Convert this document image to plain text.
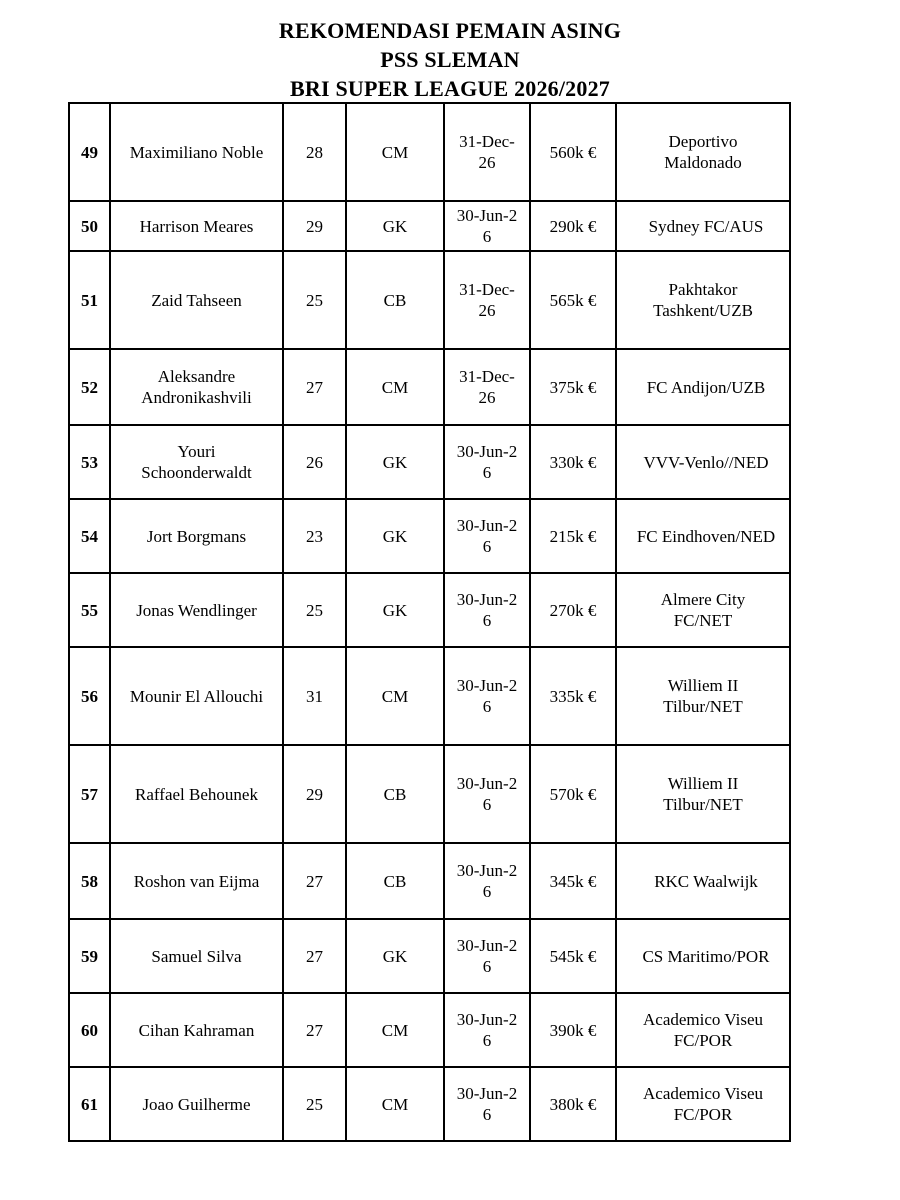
REKOMENDASI PEMAIN ASING
PSS SLEMAN
BRI SUPER LEAGUE 2026/2027
49	Maximiliano Noble	28	CM	31-Dec-26	560k €	Deportivo Maldonado

50	Harrison Meares	29	GK	30-Jun-26	290k €	Sydney FC/AUS

51	Zaid Tahseen	25	CB	31-Dec-26	565k €	Pakhtakor Tashkent/UZB

52	Aleksandre Andronikashvili	27	CM	31-Dec-26	375k €	FC Andijon/UZB

53	Youri Schoonderwaldt	26	GK	30-Jun-26	330k €	VVV-Venlo//NED

54	Jort Borgmans	23	GK	30-Jun-26	215k €	FC Eindhoven/NED

55	Jonas Wendlinger	25	GK	30-Jun-26	270k €	Almere City FC/NET

56	Mounir El Allouchi	31	CM	30-Jun-26	335k €	Williem II Tilbur/NET

57	Raffael Behounek	29	CB	30-Jun-26	570k €	Williem II Tilbur/NET

58	Roshon van Eijma	27	CB	30-Jun-26	345k €	RKC Waalwijk

59	Samuel Silva	27	GK	30-Jun-26	545k €	CS Maritimo/POR

60	Cihan Kahraman	27	CM	30-Jun-26	390k €	Academico Viseu FC/POR

61	Joao Guilherme	25	CM	30-Jun-26	380k €	Academico Viseu FC/POR
